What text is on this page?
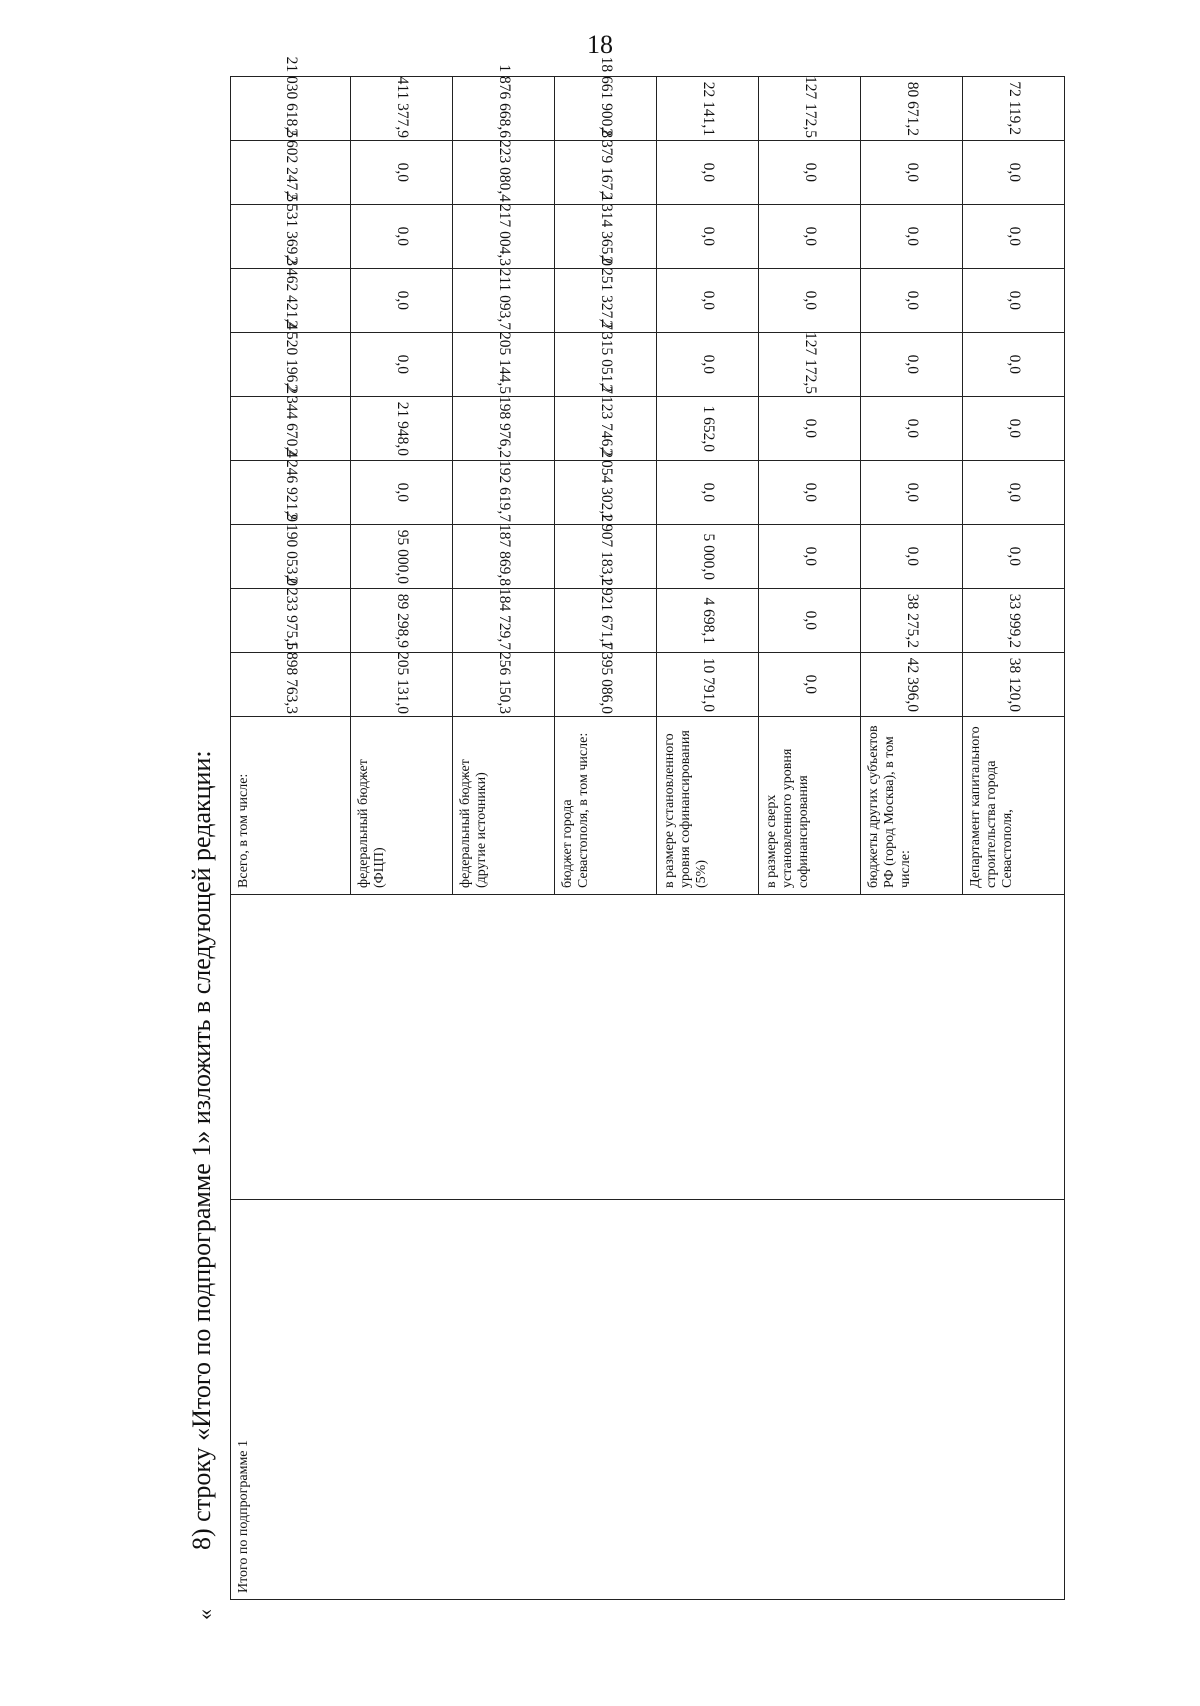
18
«
8) строку «Итого по подпрограмме 1» изложить в следующей редакции:	Итого по подпрограмме 1		Всего, в том числе:	1 898 763,3	2 233 975,5	2 190 053,0	2 246 921,9	2 344 670,4	2 520 196,2	2 462 421,4	2 531 369,3	2 602 247,5	21 030 618,5
		федеральный бюджет (ФЦП)	205 131,0	89 298,9	95 000,0	0,0	21 948,0	0,0	0,0	0,0	0,0	411 377,9
		федеральный бюджет (другие источники)	256 150,3	184 729,7	187 869,8	192 619,7	198 976,2	205 144,5	211 093,7	217 004,3	223 080,4	1 876 668,6
		бюджет города Севастополя, в том числе:	1 395 086,0	1 921 671,7	1 907 183,2	2 054 302,2	2 123 746,2	2 315 051,7	2 251 327,7	2 314 365,0	2 379 167,1	18 661 900,8
		в размере установленного уровня софинансирования (5%)	10 791,0	4 698,1	5 000,0	0,0	1 652,0	0,0	0,0	0,0	0,0	22 141,1
		в размере сверх установленного уровня софинансирования	0,0	0,0	0,0	0,0	0,0	127 172,5	0,0	0,0	0,0	127 172,5
		бюджеты других субъектов РФ (город Москва), в том числе:	42 396,0	38 275,2	0,0	0,0	0,0	0,0	0,0	0,0	0,0	80 671,2
		Департамент капитального строительства города Севастополя,	38 120,0	33 999,2	0,0	0,0	0,0	0,0	0,0	0,0	0,0	72 119,2
